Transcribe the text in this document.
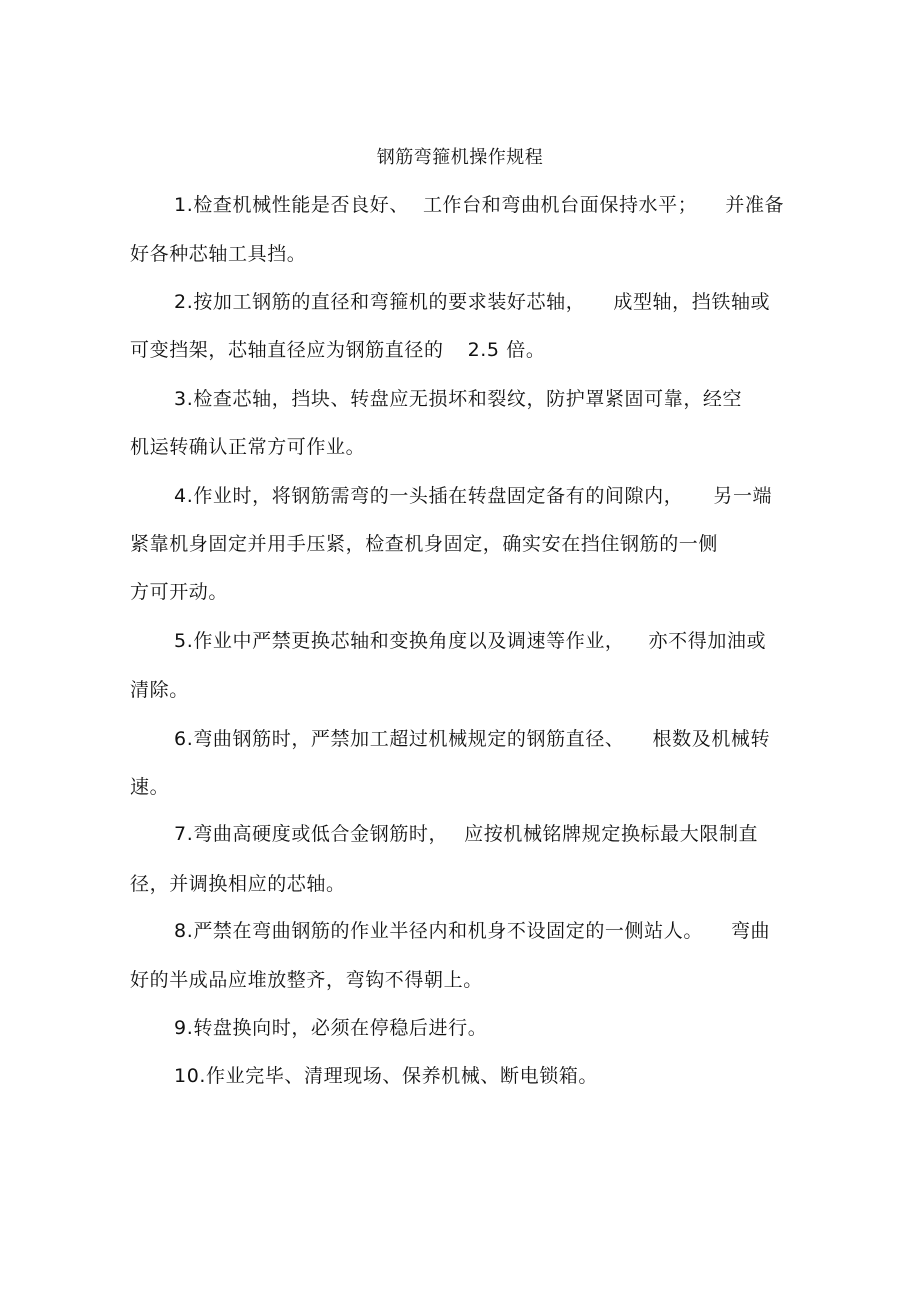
钢筋弯箍机操作规程
1.检查机械性能是否良好、 工作台和弯曲机台面保持水平； 并准备
好各种芯轴工具挡。
2.按加工钢筋的直径和弯箍机的要求装好芯轴， 成型轴，挡铁轴或
可变挡架，芯轴直径应为钢筋直径的 2.5 倍。
3.检查芯轴，挡块、转盘应无损坏和裂纹，防护罩紧固可靠，经空
机运转确认正常方可作业。
4.作业时，将钢筋需弯的一头插在转盘固定备有的间隙内， 另一端
紧靠机身固定并用手压紧，检查机身固定，确实安在挡住钢筋的一侧
方可开动。
5.作业中严禁更换芯轴和变换角度以及调速等作业， 亦不得加油或
清除。
6.弯曲钢筋时，严禁加工超过机械规定的钢筋直径、 根数及机械转
速。
7.弯曲高硬度或低合金钢筋时， 应按机械铭牌规定换标最大限制直
径，并调换相应的芯轴。
8.严禁在弯曲钢筋的作业半径内和机身不设固定的一侧站人。 弯曲
好的半成品应堆放整齐，弯钩不得朝上。
9.转盘换向时，必须在停稳后进行。
10.作业完毕、清理现场、保养机械、断电锁箱。
